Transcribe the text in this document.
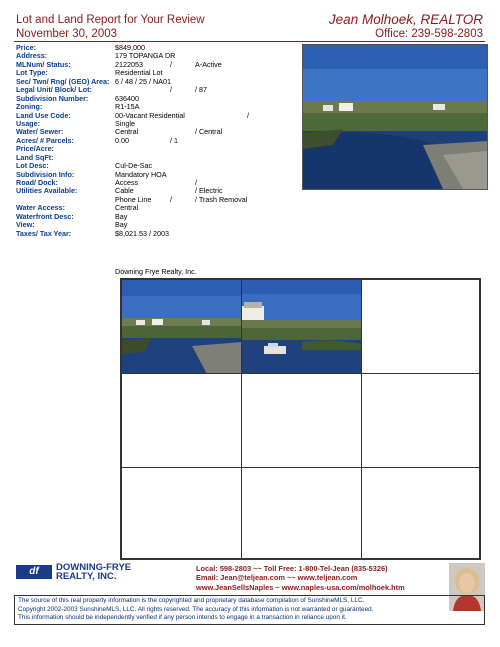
Lot and Land Report for Your Review
November 30, 2003
Jean Molhoek, REALTOR
Office: 239-598-2803
Price:	$849,000
Address:	179 TOPANGA DR
MLNum/ Status:	2122053	/	A-Active
Lot Type:	Residential Lot
Sec/ Twn/ Rng/ (GEO) Area: 6 / 48 / 25 / NA01
Legal Unit/ Block/ Lot:	/	/ 87
Subdivision Number:	636400
Zoning:	R1-15A
Land Use Code:	00-Vacant Residential	/
Usage:	Single
Water/ Sewer:	Central	/ Central
Acres/ # Parcels:	0.00	/ 1
Price/Acre:
Land SqFt:
Lot Desc:	Cul-De-Sac
Subdivision Info:	Mandatory HOA
Road/ Dock:	Access	/
Utilities Available:	Cable	/ Electric
Phone Line	/	/ Trash Removal
Water Access:	Central
Waterfront Desc:	Bay
View:	Bay
Taxes/ Tax Year:	$8,021.53 / 2003
Downing Frye Realty, Inc.
df	DOWNING-FRYE
REALTY, INC.
Local: 598-2803 ~~ Toll Free: 1-800-Tel-Jean (835-5326)
Email: Jean@teljean.com ~~ www.teljean.com
www.JeanSellsNaples ~ www.naples-usa.com/molhoek.htm
The source of this real property information is the copyrighted and proprietary database compilation of SunshineMLS, LLC.
Copyright 2002-2003 SunshineMLS, LLC. All rights reserved. The accuracy of this information is not warranted or guaranteed.
This information should be independently verified if any person intends to engage in a transaction in reliance upon it.
